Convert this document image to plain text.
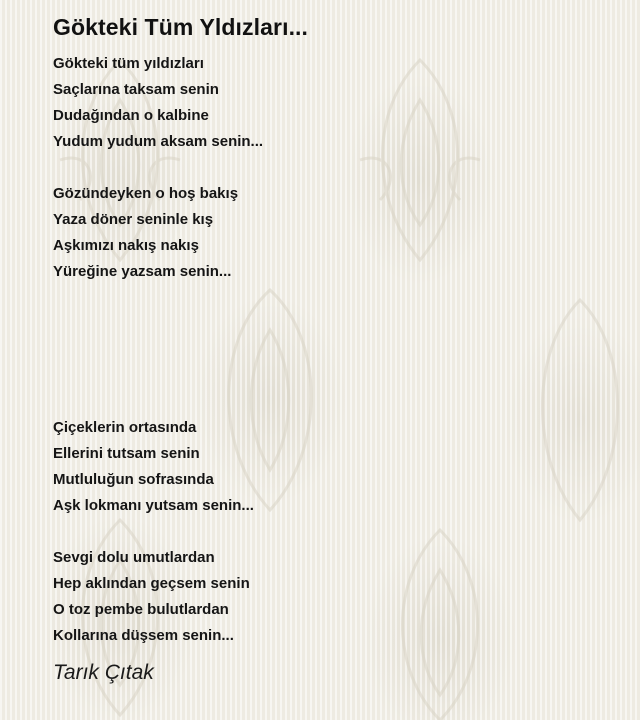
Gökteki Tüm Yldızları...
Gökteki tüm yıldızları
Saçlarına taksam senin
Dudağından o kalbine
Yudum yudum aksam senin...
Gözündeyken o hoş bakış
Yaza döner seninle kış
Aşkımızı nakış nakış
Yüreğine yazsam senin...
Çiçeklerin ortasında
Ellerini tutsam senin
Mutluluğun sofrasında
Aşk lokmanı yutsam senin...
Sevgi dolu umutlardan
Hep aklından geçsem senin
O toz pembe bulutlardan
Kollarına düşsem senin...
Tarık Çıtak
